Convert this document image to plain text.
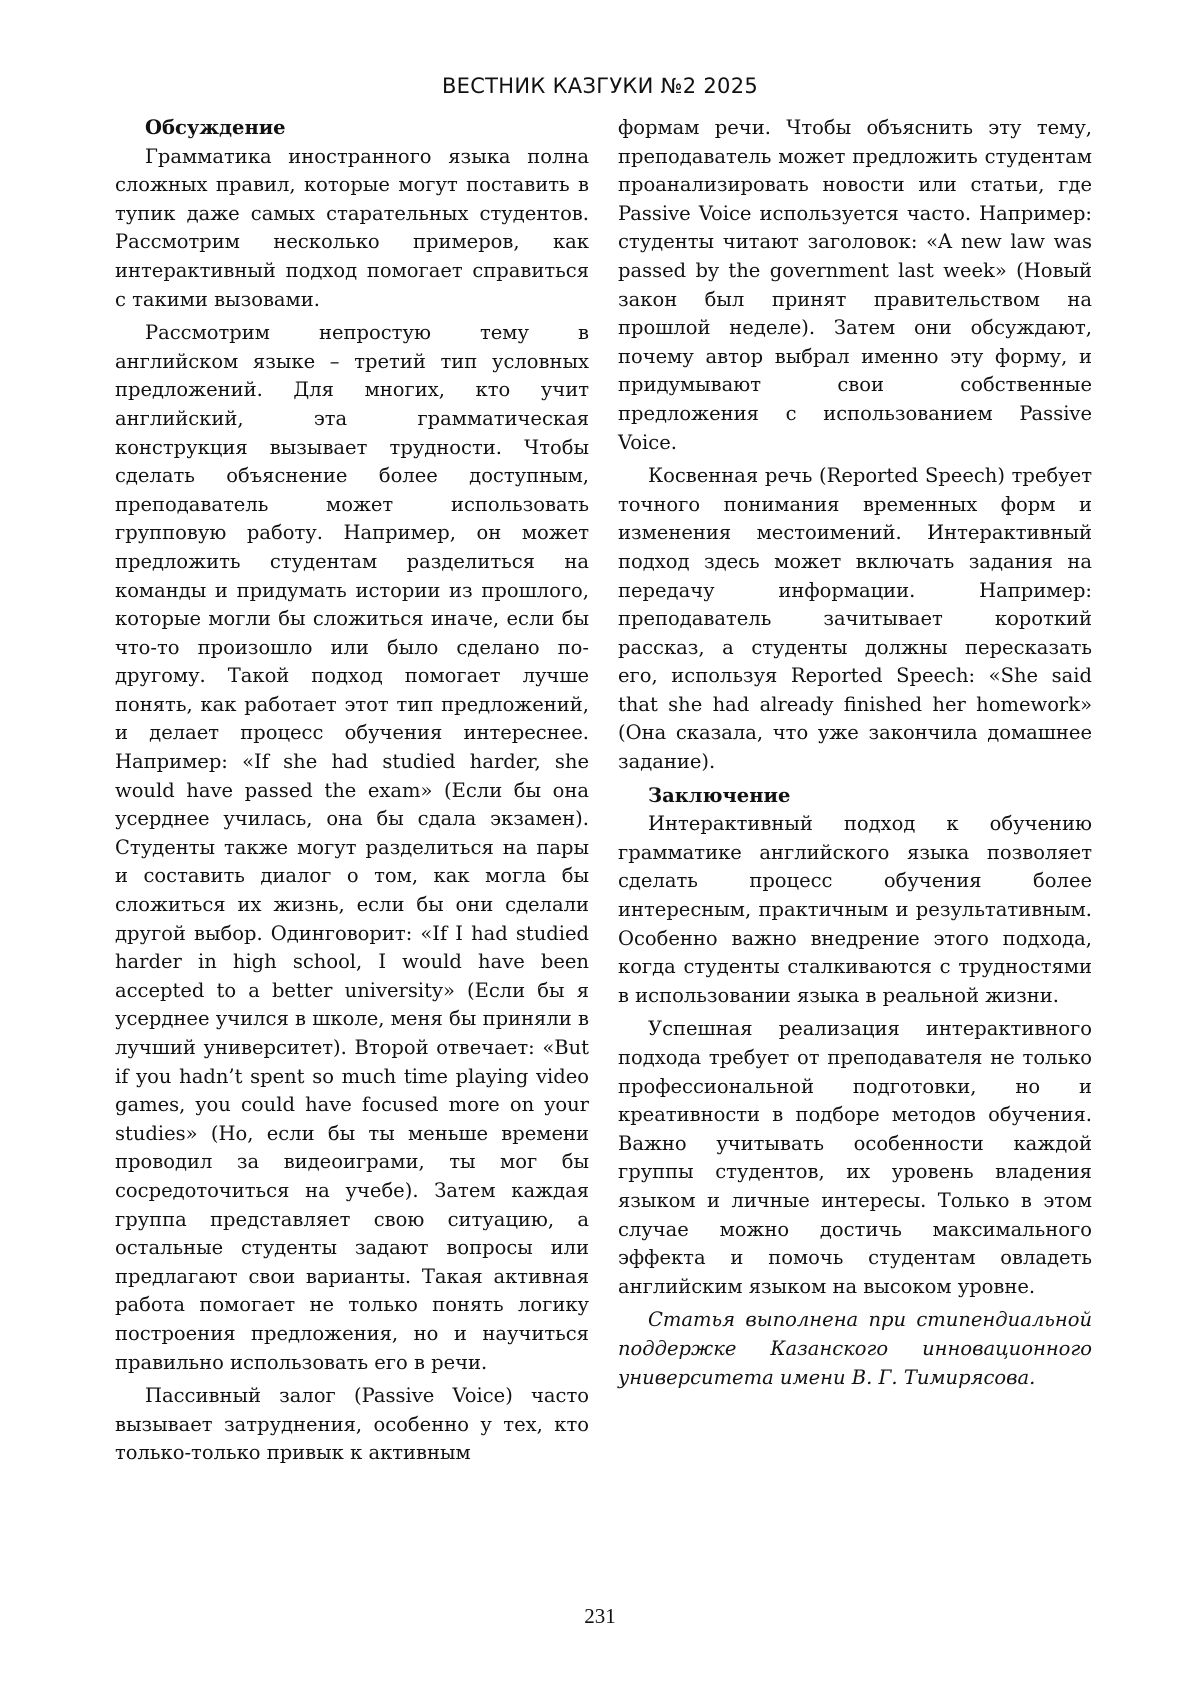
ВЕСТНИК КАЗГУКИ №2 2025
Обсуждение

Грамматика иностранного языка полна сложных правил, которые могут поставить в тупик даже самых старательных студентов. Рассмотрим несколько примеров, как интерактивный подход помогает справиться с такими вызовами.

Рассмотрим непростую тему в английском языке – третий тип условных предложений. Для многих, кто учит английский, эта грамматическая конструкция вызывает трудности. Чтобы сделать объяснение более доступным, преподаватель может использовать групповую работу. Например, он может предложить студентам разделиться на команды и придумать истории из прошлого, которые могли бы сложиться иначе, если бы что-то произошло или было сделано по-другому. Такой подход помогает лучше понять, как работает этот тип предложений, и делает процесс обучения интереснее. Например: «If she had studied harder, she would have passed the exam» (Если бы она усерднее училась, она бы сдала экзамен). Студенты также могут разделиться на пары и составить диалог о том, как могла бы сложиться их жизнь, если бы они сделали другой выбор. Одинговорит: «If I had studied harder in high school, I would have been accepted to a better university» (Если бы я усерднее учился в школе, меня бы приняли в лучший университет). Второй отвечает: «But if you hadn’t spent so much time playing video games, you could have focused more on your studies» (Но, если бы ты меньше времени проводил за видеоиграми, ты мог бы сосредоточиться на учебе). Затем каждая группа представляет свою ситуацию, а остальные студенты задают вопросы или предлагают свои варианты. Такая активная работа помогает не только понять логику построения предложения, но и научиться правильно использовать его в речи.

Пассивный залог (Passive Voice) часто вызывает затруднения, особенно у тех, кто только-только привык к активным

формам речи. Чтобы объяснить эту тему, преподаватель может предложить студентам проанализировать новости или статьи, где Passive Voice используется часто. Например: студенты читают заголовок: «A new law was passed by the government last week» (Новый закон был принят правительством на прошлой неделе). Затем они обсуждают, почему автор выбрал именно эту форму, и придумывают свои собственные предложения с использованием Passive Voice.

Косвенная речь (Reported Speech) требует точного понимания временных форм и изменения местоимений. Интерактивный подход здесь может включать задания на передачу информации. Например: преподаватель зачитывает короткий рассказ, а студенты должны пересказать его, используя Reported Speech: «She said that she had already finished her homework» (Она сказала, что уже закончила домашнее задание).

Заключение

Интерактивный подход к обучению грамматике английского языка позволяет сделать процесс обучения более интересным, практичным и результативным. Особенно важно внедрение этого подхода, когда студенты сталкиваются с трудностями в использовании языка в реальной жизни.

Успешная реализация интерактивного подхода требует от преподавателя не только профессиональной подготовки, но и креативности в подборе методов обучения. Важно учитывать особенности каждой группы студентов, их уровень владения языком и личные интересы. Только в этом случае можно достичь максимального эффекта и помочь студентам овладеть английским языком на высоком уровне.

Статья выполнена при стипендиальной поддержке Казанского инновационного университета имени В. Г. Тимирясова.

231
